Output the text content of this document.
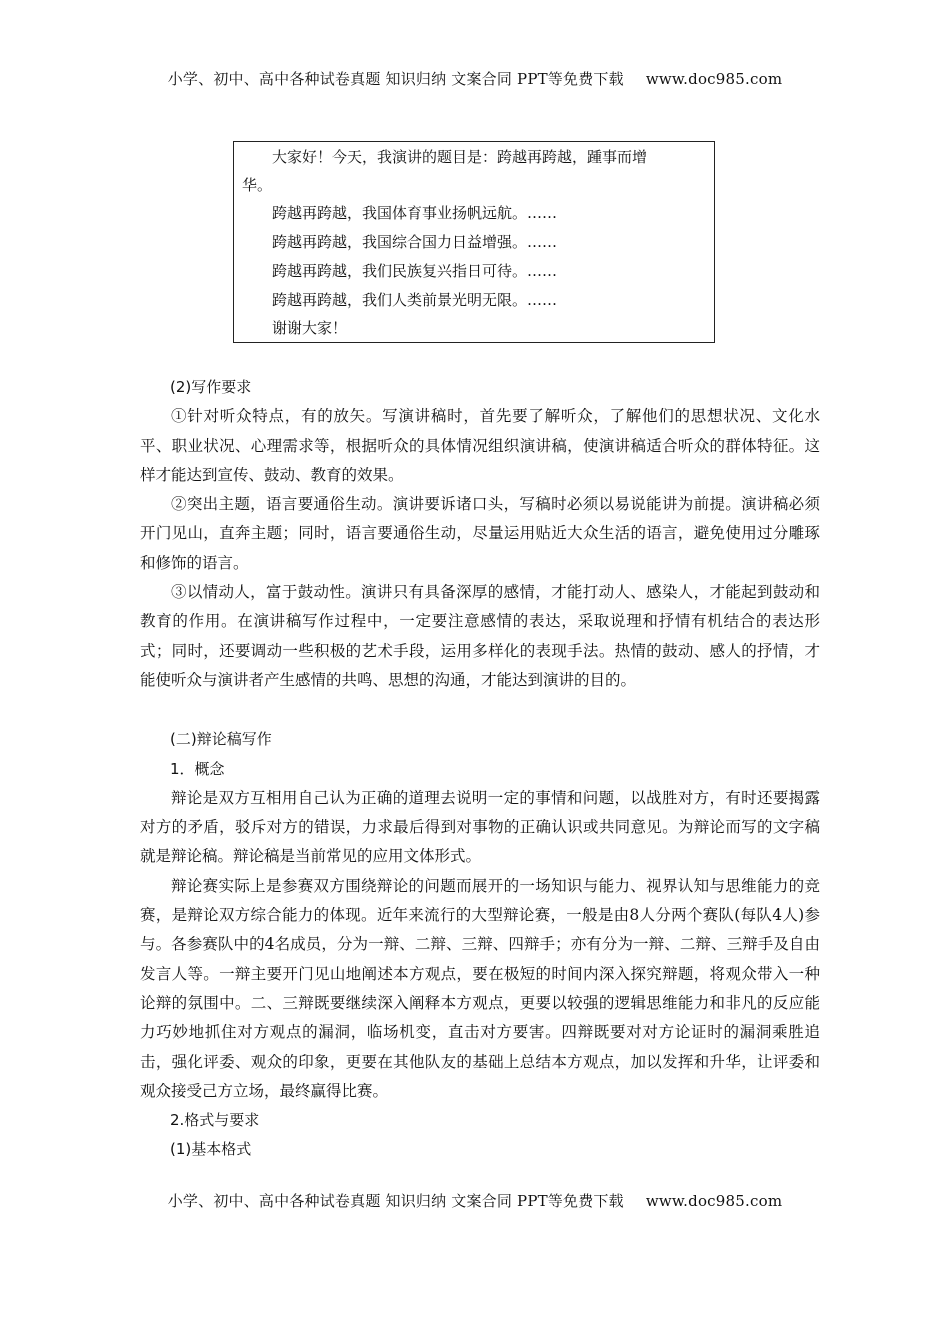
小学、初中、高中各种试卷真题 知识归纳 文案合同 PPT等免费下载 www.doc985.com
　　大家好！今天，我演讲的题目是：跨越再跨越，踵事而增
华。
　　跨越再跨越，我国体育事业扬帆远航。……
　　跨越再跨越，我国综合国力日益增强。……
　　跨越再跨越，我们民族复兴指日可待。……
　　跨越再跨越，我们人类前景光明无限。……
　　谢谢大家！

(2)写作要求

①针对听众特点，有的放矢。写演讲稿时，首先要了解听众，了解他们的思想状况、文化水平、职业状况、心理需求等，根据听众的具体情况组织演讲稿，使演讲稿适合听众的群体特征。这样才能达到宣传、鼓动、教育的效果。

②突出主题，语言要通俗生动。演讲要诉诸口头，写稿时必须以易说能讲为前提。演讲稿必须开门见山，直奔主题；同时，语言要通俗生动，尽量运用贴近大众生活的语言，避免使用过分雕琢和修饰的语言。

③以情动人，富于鼓动性。演讲只有具备深厚的感情，才能打动人、感染人，才能起到鼓动和教育的作用。在演讲稿写作过程中，一定要注意感情的表达，采取说理和抒情有机结合的表达形式；同时，还要调动一些积极的艺术手段，运用多样化的表现手法。热情的鼓动、感人的抒情，才能使听众与演讲者产生感情的共鸣、思想的沟通，才能达到演讲的目的。

(二)辩论稿写作

1．概念

辩论是双方互相用自己认为正确的道理去说明一定的事情和问题，以战胜对方，有时还要揭露对方的矛盾，驳斥对方的错误，力求最后得到对事物的正确认识或共同意见。为辩论而写的文字稿就是辩论稿。辩论稿是当前常见的应用文体形式。

辩论赛实际上是参赛双方围绕辩论的问题而展开的一场知识与能力、视界认知与思维能力的竞赛，是辩论双方综合能力的体现。近年来流行的大型辩论赛，一般是由8人分两个赛队(每队4人)参与。各参赛队中的4名成员，分为一辩、二辩、三辩、四辩手；亦有分为一辩、二辩、三辩手及自由发言人等。一辩主要开门见山地阐述本方观点，要在极短的时间内深入探究辩题，将观众带入一种论辩的氛围中。二、三辩既要继续深入阐释本方观点，更要以较强的逻辑思维能力和非凡的反应能力巧妙地抓住对方观点的漏洞，临场机变，直击对方要害。四辩既要对对方论证时的漏洞乘胜追击，强化评委、观众的印象，更要在其他队友的基础上总结本方观点，加以发挥和升华，让评委和观众接受己方立场，最终赢得比赛。

2.格式与要求

(1)基本格式

小学、初中、高中各种试卷真题 知识归纳 文案合同 PPT等免费下载 www.doc985.com
